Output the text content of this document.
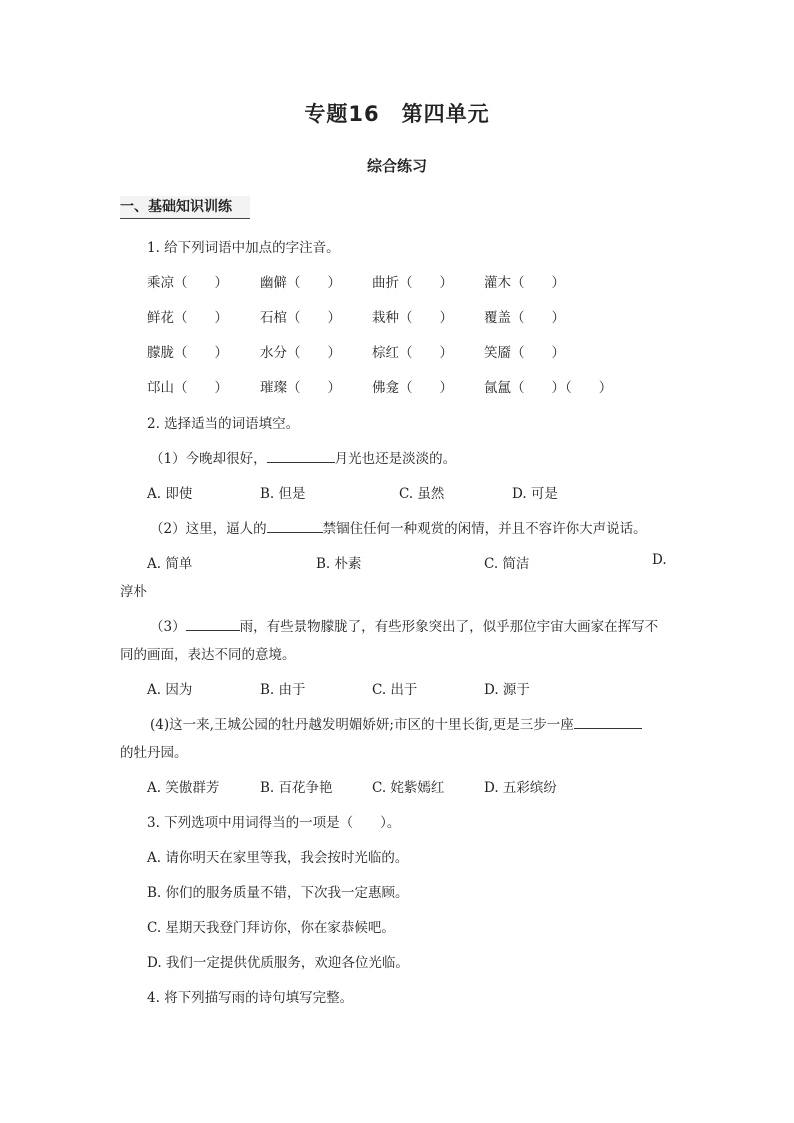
专题16　第四单元
综合练习
一、基础知识训练
1. 给下列词语中加点的字注音。
乘凉（　　） 幽僻（　　） 曲折（　　） 灌木（　　）
鲜花（　　） 石棺（　　） 栽种（　　） 覆盖（　　）
朦胧（　　） 水分（　　） 棕红（　　） 笑靥（　　）
邙山（　　） 璀璨（　　） 佛龛（　　） 氤氲（　　）（　　）
2. 选择适当的词语填空。
（1）今晚却很好，	月光也还是淡淡的。
A. 即使	B. 但是	C. 虽然	D. 可是
（2）这里，逼人的	禁锢住任何一种观赏的闲情，并且不容许你大声说话。
A. 简单	B. 朴素	C. 简洁	D.
淳朴
（3）	雨，有些景物朦胧了，有些形象突出了，似乎那位宇宙大画家在挥写不
同的画面，表达不同的意境。
A. 因为	B. 由于	C. 出于	D. 源于
(4)这一来,王城公园的牡丹越发明媚娇妍;市区的十里长街,更是三步一座
的牡丹园。
A. 笑傲群芳	B. 百花争艳	C. 姹紫嫣红	D. 五彩缤纷
3. 下列选项中用词得当的一项是（　　）。
A. 请你明天在家里等我，我会按时光临的。
B. 你们的服务质量不错，下次我一定惠顾。
C. 星期天我登门拜访你，你在家恭候吧。
D. 我们一定提供优质服务，欢迎各位光临。
4. 将下列描写雨的诗句填写完整。
